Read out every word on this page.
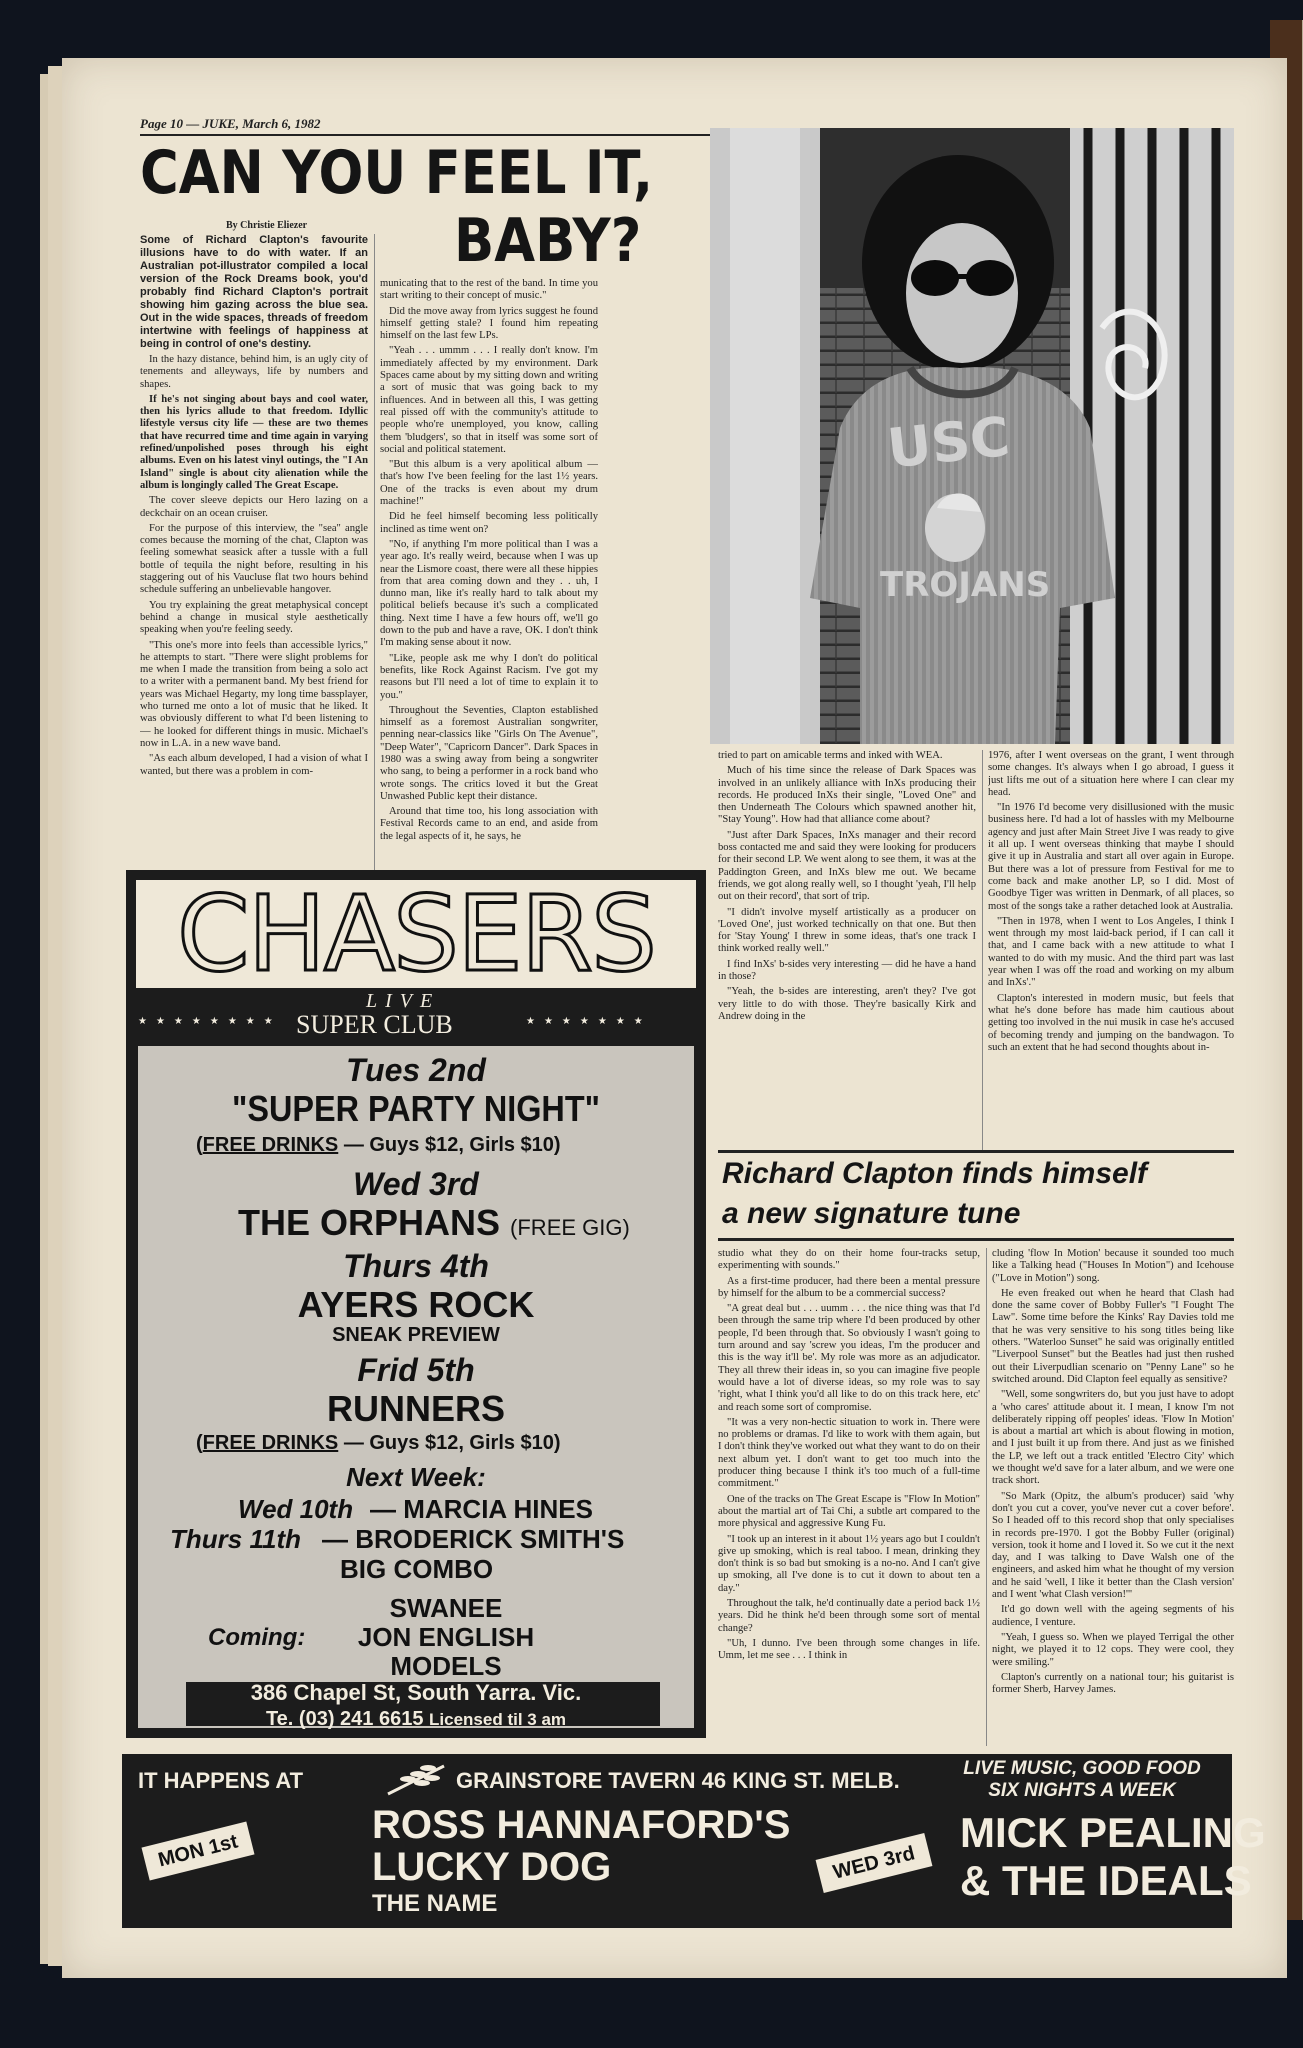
Page 10 — JUKE, March 6, 1982
CAN YOU FEEL IT,
BABY?
By Christie Eliezer

Some of Richard Clapton's favourite illusions have to do with water. If an Australian pot-illustrator compiled a local version of the Rock Dreams book, you'd probably find Richard Clapton's portrait showing him gazing across the blue sea. Out in the wide spaces, threads of freedom intertwine with feelings of happiness at being in control of one's destiny.

In the hazy distance, behind him, is an ugly city of tenements and alleyways, life by numbers and shapes.

If he's not singing about bays and cool water, then his lyrics allude to that freedom. Idyllic lifestyle versus city life — these are two themes that have recurred time and time again in varying refined/unpolished poses through his eight albums. Even on his latest vinyl outings, the "I An Island" single is about city alienation while the album is longingly called The Great Escape.

The cover sleeve depicts our Hero lazing on a deckchair on an ocean cruiser.

For the purpose of this interview, the "sea" angle comes because the morning of the chat, Clapton was feeling somewhat seasick after a tussle with a full bottle of tequila the night before, resulting in his staggering out of his Vaucluse flat two hours behind schedule suffering an unbelievable hangover.

You try explaining the great metaphysical concept behind a change in musical style aesthetically speaking when you're feeling seedy.

"This one's more into feels than accessible lyrics," he attempts to start. "There were slight problems for me when I made the transition from being a solo act to a writer with a permanent band. My best friend for years was Michael Hegarty, my long time bassplayer, who turned me onto a lot of music that he liked. It was obviously different to what I'd been listening to — he looked for different things in music. Michael's now in L.A. in a new wave band.

"As each album developed, I had a vision of what I wanted, but there was a problem in com-

municating that to the rest of the band. In time you start writing to their concept of music."

Did the move away from lyrics suggest he found himself getting stale? I found him repeating himself on the last few LPs.

"Yeah . . . ummm . . . I really don't know. I'm immediately affected by my environment. Dark Spaces came about by my sitting down and writing a sort of music that was going back to my influences. And in between all this, I was getting real pissed off with the community's attitude to people who're unemployed, you know, calling them 'bludgers', so that in itself was some sort of social and political statement.

"But this album is a very apolitical album — that's how I've been feeling for the last 1½ years. One of the tracks is even about my drum machine!"

Did he feel himself becoming less politically inclined as time went on?

"No, if anything I'm more political than I was a year ago. It's really weird, because when I was up near the Lismore coast, there were all these hippies from that area coming down and they . . uh, I dunno man, like it's really hard to talk about my political beliefs because it's such a complicated thing. Next time I have a few hours off, we'll go down to the pub and have a rave, OK. I don't think I'm making sense about it now.

"Like, people ask me why I don't do political benefits, like Rock Against Racism. I've got my reasons but I'll need a lot of time to explain it to you."

Throughout the Seventies, Clapton established himself as a foremost Australian songwriter, penning near-classics like "Girls On The Avenue", "Deep Water", "Capricorn Dancer". Dark Spaces in 1980 was a swing away from being a songwriter who sang, to being a performer in a rock band who wrote songs. The critics loved it but the Great Unwashed Public kept their distance.

Around that time too, his long association with Festival Records came to an end, and aside from the legal aspects of it, he says, he

USC
TROJANS

tried to part on amicable terms and inked with WEA.

Much of his time since the release of Dark Spaces was involved in an unlikely alliance with InXs producing their records. He produced InXs their single, "Loved One" and then Underneath The Colours which spawned another hit, "Stay Young". How had that alliance come about?

"Just after Dark Spaces, InXs manager and their record boss contacted me and said they were looking for producers for their second LP. We went along to see them, it was at the Paddington Green, and InXs blew me out. We became friends, we got along really well, so I thought 'yeah, I'll help out on their record', that sort of trip.

"I didn't involve myself artistically as a producer on 'Loved One', just worked technically on that one. But then for 'Stay Young' I threw in some ideas, that's one track I think worked really well."

I find InXs' b-sides very interesting — did he have a hand in those?

"Yeah, the b-sides are interesting, aren't they? I've got very little to do with those. They're basically Kirk and Andrew doing in the

1976, after I went overseas on the grant, I went through some changes. It's always when I go abroad, I guess it just lifts me out of a situation here where I can clear my head.

"In 1976 I'd become very disillusioned with the music business here. I'd had a lot of hassles with my Melbourne agency and just after Main Street Jive I was ready to give it all up. I went overseas thinking that maybe I should give it up in Australia and start all over again in Europe. But there was a lot of pressure from Festival for me to come back and make another LP, so I did. Most of Goodbye Tiger was written in Denmark, of all places, so most of the songs take a rather detached look at Australia.

"Then in 1978, when I went to Los Angeles, I think I went through my most laid-back period, if I can call it that, and I came back with a new attitude to what I wanted to do with my music. And the third part was last year when I was off the road and working on my album and InXs'."

Clapton's interested in modern music, but feels that what he's done before has made him cautious about getting too involved in the nui musik in case he's accused of becoming trendy and jumping on the bandwagon. To such an extent that he had second thoughts about in-

Richard Clapton finds himself
a new signature tune

studio what they do on their home four-tracks setup, experimenting with sounds."

As a first-time producer, had there been a mental pressure by himself for the album to be a commercial success?

"A great deal but . . . uumm . . . the nice thing was that I'd been through the same trip where I'd been produced by other people, I'd been through that. So obviously I wasn't going to turn around and say 'screw you ideas, I'm the producer and this is the way it'll be'. My role was more as an adjudicator. They all threw their ideas in, so you can imagine five people would have a lot of diverse ideas, so my role was to say 'right, what I think you'd all like to do on this track here, etc' and reach some sort of compromise.

"It was a very non-hectic situation to work in. There were no problems or dramas. I'd like to work with them again, but I don't think they've worked out what they want to do on their next album yet. I don't want to get too much into the producer thing because I think it's too much of a full-time commitment."

One of the tracks on The Great Escape is "Flow In Motion" about the martial art of Tai Chi, a subtle art compared to the more physical and aggressive Kung Fu.

"I took up an interest in it about 1½ years ago but I couldn't give up smoking, which is real taboo. I mean, drinking they don't think is so bad but smoking is a no-no. And I can't give up smoking, all I've done is to cut it down to about ten a day."

Throughout the talk, he'd continually date a period back 1½ years. Did he think he'd been through some sort of mental change?

"Uh, I dunno. I've been through some changes in life. Umm, let me see . . . I think in

cluding 'flow In Motion' because it sounded too much like a Talking head ("Houses In Motion") and Icehouse ("Love in Motion") song.

He even freaked out when he heard that Clash had done the same cover of Bobby Fuller's "I Fought The Law". Some time before the Kinks' Ray Davies told me that he was very sensitive to his song titles being like others. "Waterloo Sunset" he said was originally entitled "Liverpool Sunset" but the Beatles had just then rushed out their Liverpudlian scenario on "Penny Lane" so he switched around. Did Clapton feel equally as sensitive?

"Well, some songwriters do, but you just have to adopt a 'who cares' attitude about it. I mean, I know I'm not deliberately ripping off peoples' ideas. 'Flow In Motion' is about a martial art which is about flowing in motion, and I just built it up from there. And just as we finished the LP, we left out a track entitled 'Electro City' which we thought we'd save for a later album, and we were one track short.

"So Mark (Opitz, the album's producer) said 'why don't you cut a cover, you've never cut a cover before'. So I headed off to this record shop that only specialises in records pre-1970. I got the Bobby Fuller (original) version, took it home and I loved it. So we cut it the next day, and I was talking to Dave Walsh one of the engineers, and asked him what he thought of my version and he said 'well, I like it better than the Clash version' and I went 'what Clash version!'"

It'd go down well with the ageing segments of his audience, I venture.

"Yeah, I guess so. When we played Terrigal the other night, we played it to 12 cops. They were cool, they were smiling."

Clapton's currently on a national tour; his guitarist is former Sherb, Harvey James.

CHASERS
LIVE
★★★★★★★★ SUPER CLUB	★★★★★★★
Tues 2nd
"SUPER PARTY NIGHT"
(FREE DRINKS — Guys $12, Girls $10)
Wed 3rd
THE ORPHANS (FREE GIG)
Thurs 4th
AYERS ROCK
SNEAK PREVIEW
Frid 5th
RUNNERS
(FREE DRINKS — Guys $12, Girls $10)
Next Week:
Wed 10th — MARCIA HINES
Thurs 11th — BRODERICK SMITH'S
BIG COMBO
Coming:
SWANEE
JON ENGLISH
MODELS
386 Chapel St, South Yarra. Vic.
Te. (03) 241 6615 Licensed til 3 am
IT HAPPENS AT	GRAINSTORE TAVERN 46 KING ST. MELB.	LIVE MUSIC, GOOD FOOD
SIX NIGHTS A WEEK
MON 1st
ROSS HANNAFORD'S
LUCKY DOG
THE NAME
WED 3rd
MICK PEALING
& THE IDEALS
